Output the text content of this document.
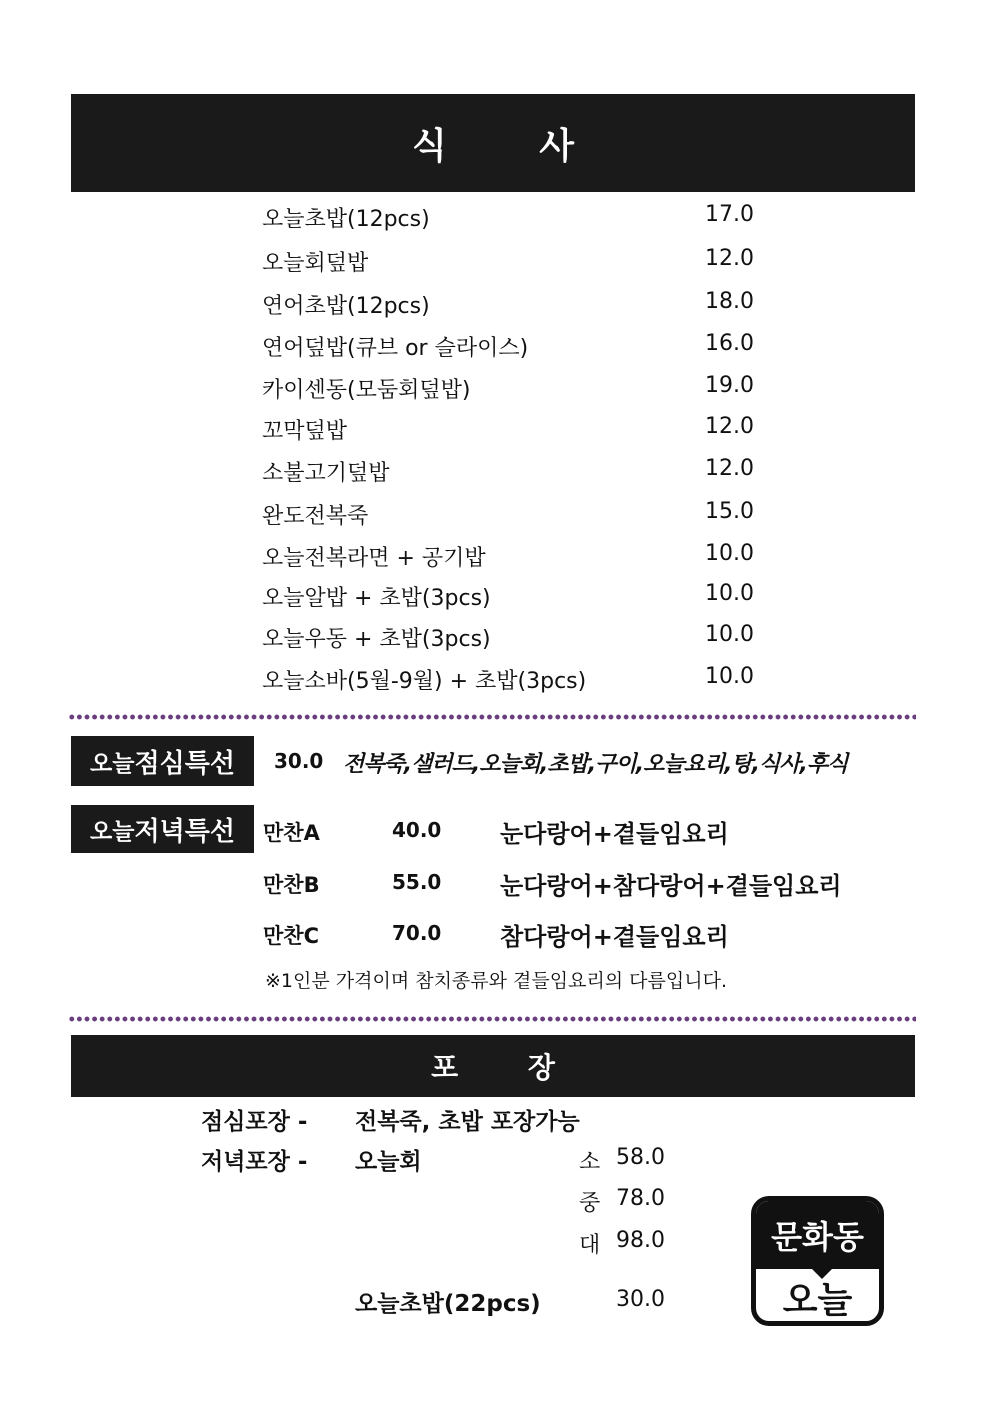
식 사
오늘초밥(12pcs)	17.0
오늘회덮밥	12.0
연어초밥(12pcs)	18.0
연어덮밥(큐브 or 슬라이스)	16.0
카이센동(모둠회덮밥)	19.0
꼬막덮밥	12.0
소불고기덮밥	12.0
완도전복죽	15.0
오늘전복라면 + 공기밥	10.0
오늘알밥 + 초밥(3pcs)	10.0
오늘우동 + 초밥(3pcs)	10.0
오늘소바(5월-9월) + 초밥(3pcs)	10.0
오늘 점심특선 30.0 전복죽,샐러드,오늘회,초밥,구이,오늘요리,탕,식사,후식
오늘 저녁특선 만찬A	40.0 눈다랑어+곁들임요리
만찬B	55.0 눈다랑어+참다랑어+곁들임요리
만찬C	70.0 참다랑어+곁들임요리
※1인분 가격이며 참치종류와 곁들임요리의 다름입니다.
포 장
점심포장 - 전복죽, 초밥 포장가능
저녁포장 - 오늘회	소 58.0
중 78.0
대 98.0
오늘초밥(22pcs)	30.0
문화동
오늘
